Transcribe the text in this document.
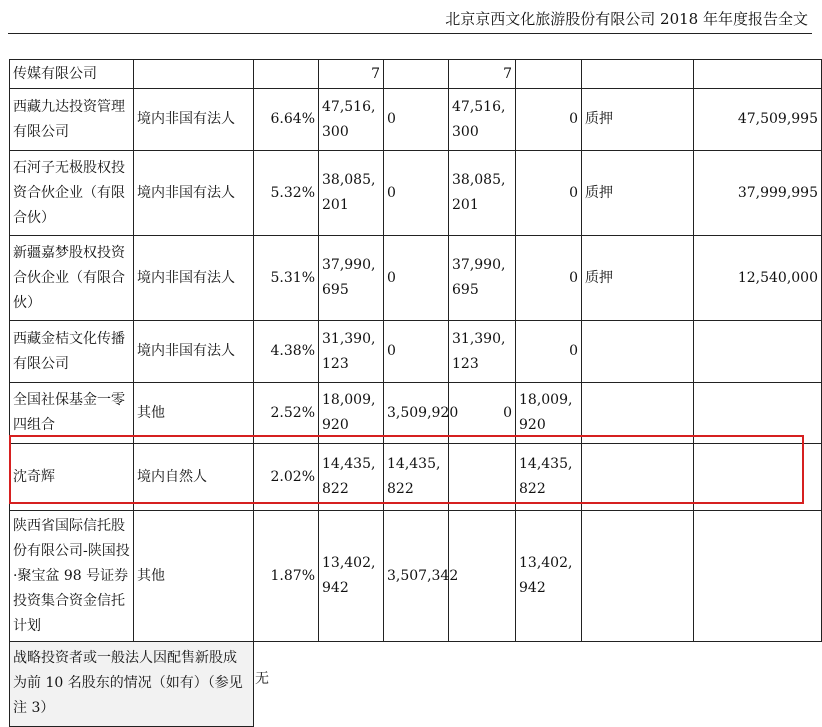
北京京西文化旅游股份有限公司 2018 年年度报告全文
传媒有限公司			7		7			
西藏九达投资管理有限公司	境内非国有法人	6.64%	47,516,300	0	47,516,300	0	质押	47,509,995
石河子无极股权投资合伙企业（有限合伙）	境内非国有法人	5.32%	38,085,201	0	38,085,201	0	质押	37,999,995
新疆嘉梦股权投资合伙企业（有限合伙）	境内非国有法人	5.31%	37,990,695	0	37,990,695	0	质押	12,540,000
西藏金桔文化传播有限公司	境内非国有法人	4.38%	31,390,123	0	31,390,123	0		
全国社保基金一零四组合	其他	2.52%	18,009,920	3,509,920	0	18,009,920		
沈奇辉	境内自然人	2.02%	14,435,822	14,435,822		14,435,822		
陕西省国际信托股份有限公司-陕国投·聚宝盆 98 号证券投资集合资金信托计划	其他	1.87%	13,402,942	3,507,342		13,402,942		
战略投资者或一般法人因配售新股成为前 10 名股东的情况（如有）（参见注 3）								
无
